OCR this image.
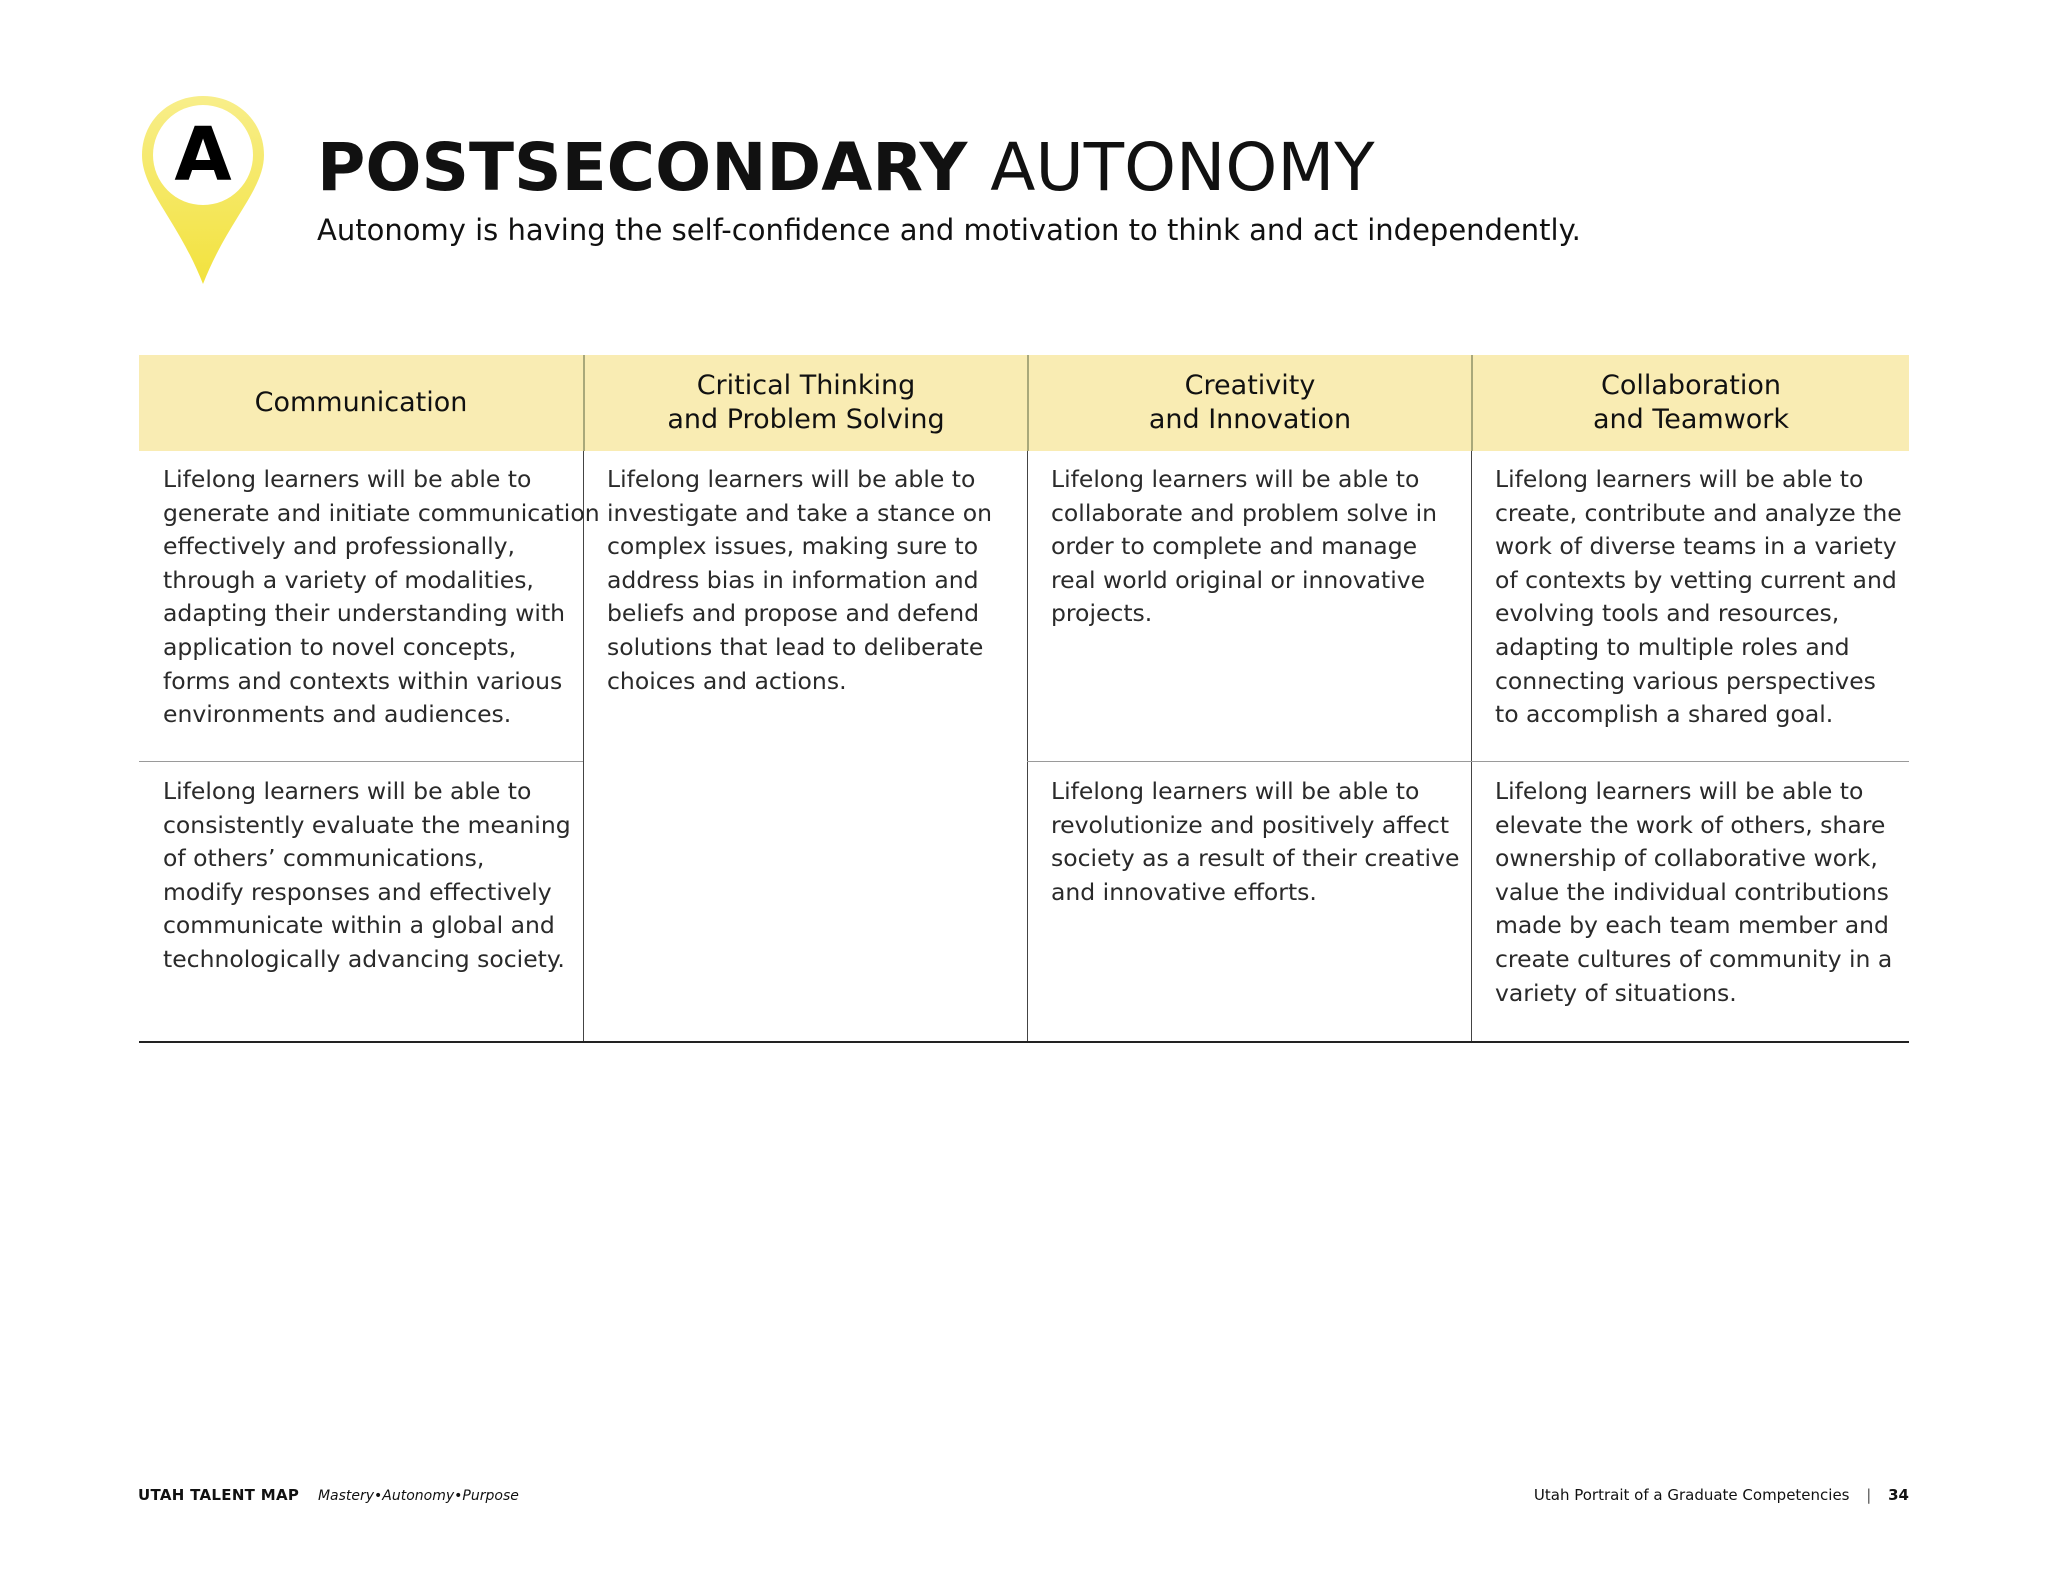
A POSTSECONDARY AUTONOMY
Autonomy is having the self-confidence and motivation to think and act independently.
Communication
Critical Thinking
and Problem Solving
Creativity
and Innovation
Collaboration
and Teamwork
Lifelong learners will be able to
generate and initiate communication
effectively and professionally,
through a variety of modalities,
adapting their understanding with
application to novel concepts,
forms and contexts within various
environments and audiences.
Lifelong learners will be able to
investigate and take a stance on
complex issues, making sure to
address bias in information and
beliefs and propose and defend
solutions that lead to deliberate
choices and actions.
Lifelong learners will be able to
collaborate and problem solve in
order to complete and manage
real world original or innovative
projects.
Lifelong learners will be able to
create, contribute and analyze the
work of diverse teams in a variety
of contexts by vetting current and
evolving tools and resources,
adapting to multiple roles and
connecting various perspectives
to accomplish a shared goal.
Lifelong learners will be able to
consistently evaluate the meaning
of others’ communications,
modify responses and effectively
communicate within a global and
technologically advancing society.
Lifelong learners will be able to
revolutionize and positively affect
society as a result of their creative
and innovative efforts.
Lifelong learners will be able to
elevate the work of others, share
ownership of collaborative work,
value the individual contributions
made by each team member and
create cultures of community in a
variety of situations.
UTAH TALENT MAP Mastery•Autonomy•Purpose	Utah Portrait of a Graduate Competencies | 34
